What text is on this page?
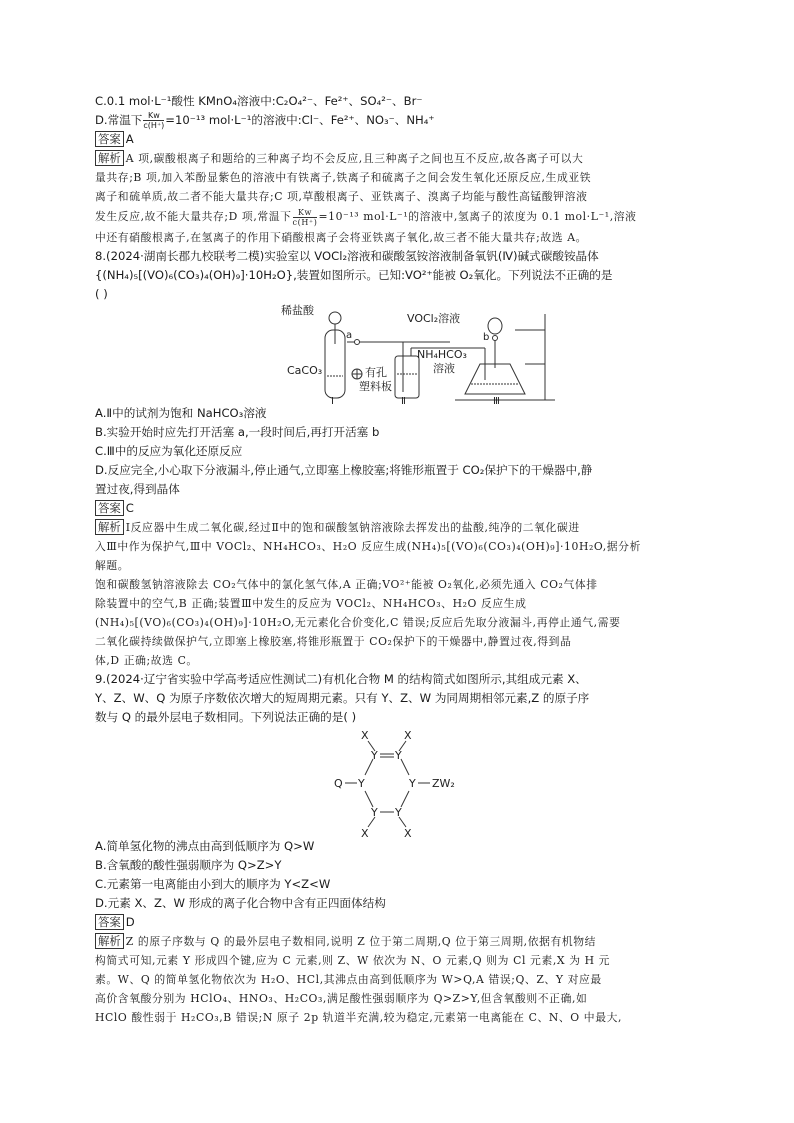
C.0.1 mol·L⁻¹酸性 KMnO₄溶液中:C₂O₄²⁻、Fe²⁺、SO₄²⁻、Br⁻
D.常温下 $\frac{Kw}{c(H^+)} =10^{-13}$ mol·L⁻¹的溶液中:Cl⁻、Fe²⁺、NO₃⁻、NH₄⁺
答案 A
解析 A 项,碳酸根离子和题给的三种离子均不会反应,且三种离子之间也互不反应,故各离子可以大
量共存;B 项,加入苯酚显紫色的溶液中有铁离子,铁离子和硫离子之间会发生氧化还原反应,生成亚铁
离子和硫单质,故二者不能大量共存;C 项,草酸根离子、亚铁离子、溴离子均能与酸性高锰酸钾溶液
发生反应,故不能大量共存;D 项,常温下 $\frac{Kw}{c(H^+)} =10^{-13}$ mol·L⁻¹的溶液中,氢离子的浓度为 0.1 mol·L⁻¹,溶液
中还有硝酸根离子,在氢离子的作用下硝酸根离子会将亚铁离子氧化,故三者不能大量共存;故选 A。
8.(2024·湖南长郡九校联考二模)实验室以 VOCl₂溶液和碳酸氢铵溶液制备氧钒(Ⅳ)碱式碳酸铵晶体
{(NH₄)₅[(VO)₆(CO₃)₄(OH)₉]·10H₂O},装置如图所示。已知:VO²⁺能被 O₂氧化。下列说法不正确的是
( )
稀盐酸
a
CaCO₃	有孔
塑料板
VOCl₂溶液
b
NH₄HCO₃
溶液
Ⅰ	Ⅱ	Ⅲ
A.Ⅱ中的试剂为饱和 NaHCO₃溶液
B.实验开始时应先打开活塞 a,一段时间后,再打开活塞 b
C.Ⅲ中的反应为氧化还原反应
D.反应完全,小心取下分液漏斗,停止通气,立即塞上橡胶塞;将锥形瓶置于 CO₂保护下的干燥器中,静
置过夜,得到晶体
答案 C
解析 Ⅰ反应器中生成二氧化碳,经过Ⅱ中的饱和碳酸氢钠溶液除去挥发出的盐酸,纯净的二氧化碳进
入Ⅲ中作为保护气,Ⅲ中 VOCl₂、NH₄HCO₃、H₂O 反应生成(NH₄)₅[(VO)₆(CO₃)₄(OH)₉]·10H₂O,据分析
解题。
饱和碳酸氢钠溶液除去 CO₂气体中的氯化氢气体,A 正确;VO²⁺能被 O₂氧化,必须先通入 CO₂气体排
除装置中的空气,B 正确;装置Ⅲ中发生的反应为 VOCl₂、NH₄HCO₃、H₂O 反应生成
(NH₄)₅[(VO)₆(CO₃)₄(OH)₉]·10H₂O,无元素化合价变化,C 错误;反应后先取分液漏斗,再停止通气,需要
二氧化碳持续做保护气,立即塞上橡胶塞,将锥形瓶置于 CO₂保护下的干燥器中,静置过夜,得到晶
体,D 正确;故选 C。
9.(2024·辽宁省实验中学高考适应性测试二)有机化合物 M 的结构简式如图所示,其组成元素 X、
Y、Z、W、Q 为原子序数依次增大的短周期元素。只有 Y、Z、W 为同周期相邻元素,Z 的原子序
数与 Q 的最外层电子数相同。下列说法正确的是( )
X	X
Y Y
Q Y	Y ZW₂
Y Y
X	X
A.简单氢化物的沸点由高到低顺序为 Q>W
B.含氧酸的酸性强弱顺序为 Q>Z>Y
C.元素第一电离能由小到大的顺序为 Y<Z<W
D.元素 X、Z、W 形成的离子化合物中含有正四面体结构
答案 D
解析 Z 的原子序数与 Q 的最外层电子数相同,说明 Z 位于第二周期,Q 位于第三周期,依据有机物结
构简式可知,元素 Y 形成四个键,应为 C 元素,则 Z、W 依次为 N、O 元素,Q 则为 Cl 元素,X 为 H 元
素。W、Q 的简单氢化物依次为 H₂O、HCl,其沸点由高到低顺序为 W>Q,A 错误;Q、Z、Y 对应最
高价含氧酸分别为 HClO₄、HNO₃、H₂CO₃,满足酸性强弱顺序为 Q>Z>Y,但含氧酸则不正确,如
HClO 酸性弱于 H₂CO₃,B 错误;N 原子 2p 轨道半充满,较为稳定,元素第一电离能在 C、N、O 中最大,
